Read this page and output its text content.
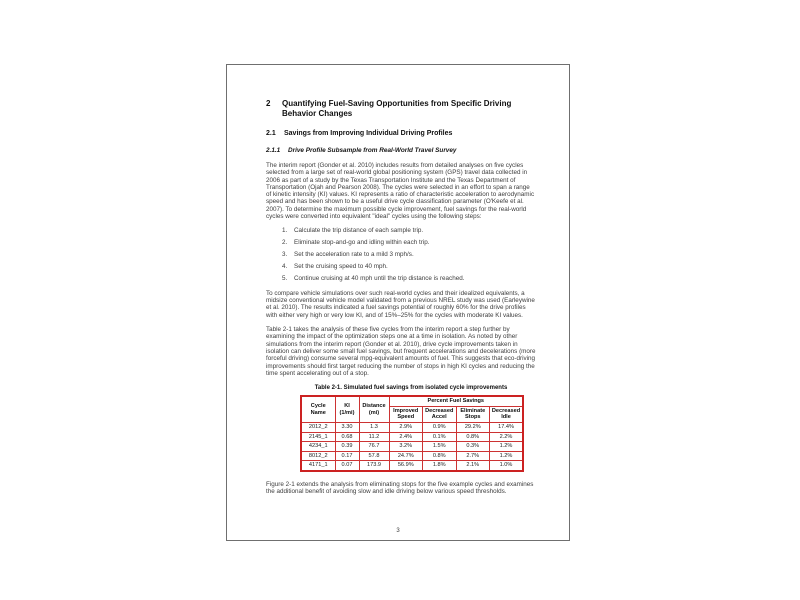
2	Quantifying Fuel-Saving Opportunities from Specific Driving Behavior Changes
2.1	Savings from Improving Individual Driving Profiles
2.1.1	Drive Profile Subsample from Real-World Travel Survey

The interim report (Gonder et al. 2010) includes results from detailed analyses on five cycles selected from a large set of real-world global positioning system (GPS) travel data collected in 2006 as part of a study by the Texas Transportation Institute and the Texas Department of Transportation (Ojah and Pearson 2008). The cycles were selected in an effort to span a range of kinetic intensity (KI) values. KI represents a ratio of characteristic acceleration to aerodynamic speed and has been shown to be a useful drive cycle classification parameter (O'Keefe et al. 2007). To determine the maximum possible cycle improvement, fuel savings for the real-world cycles were converted into equivalent "ideal" cycles using the following steps:

1.	Calculate the trip distance of each sample trip.
2.	Eliminate stop-and-go and idling within each trip.
3.	Set the acceleration rate to a mild 3 mph/s.
4.	Set the cruising speed to 40 mph.
5.	Continue cruising at 40 mph until the trip distance is reached.

To compare vehicle simulations over such real-world cycles and their idealized equivalents, a midsize conventional vehicle model validated from a previous NREL study was used (Earleywine et al. 2010). The results indicated a fuel savings potential of roughly 60% for the drive profiles with either very high or very low KI, and of 15%–25% for the cycles with moderate KI values.

Table 2-1 takes the analysis of these five cycles from the interim report a step further by examining the impact of the optimization steps one at a time in isolation. As noted by other simulations from the interim report (Gonder et al. 2010), drive cycle improvements taken in isolation can deliver some small fuel savings, but frequent accelerations and decelerations (more forceful driving) consume several mpg-equivalent amounts of fuel. This suggests that eco-driving improvements should first target reducing the number of stops in high KI cycles and reducing the time spent accelerating out of a stop.

Table 2-1. Simulated fuel savings from isolated cycle improvements
Cycle Name	KI (1/mi)	Distance (mi)	Percent Fuel Savings			
			Improved Speed	Decreased Accel	Eliminate Stops	Decreased Idle
2012_2	3.30	1.3	2.9%	0.9%	29.2%	17.4%
2145_1	0.68	11.2	2.4%	0.1%	0.8%	2.2%
4234_1	0.39	76.7	3.2%	1.5%	0.3%	1.2%
8012_2	0.17	57.8	24.7%	0.8%	2.7%	1.2%
4171_1	0.07	173.9	56.9%	1.8%	2.1%	1.0%

Figure 2-1 extends the analysis from eliminating stops for the five example cycles and examines the additional benefit of avoiding slow and idle driving below various speed thresholds.

3
